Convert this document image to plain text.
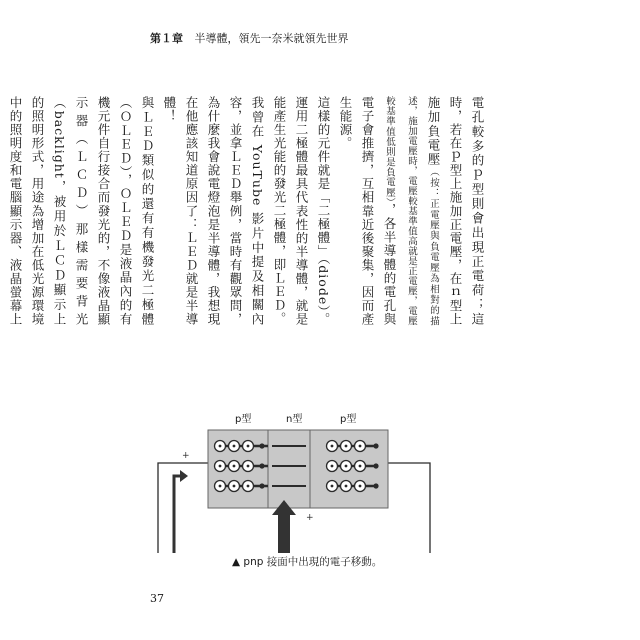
第１章 半導體，領先一奈米就領先世界

電孔較多的ｐ型則會出現正電荷；這時，若在ｐ型上施加正電壓，在ｎ型上施加負電壓（按：正電壓與負電壓為相對的描述，施加電壓時，電壓較基準值高就是正電壓，電壓較基準值低則是負電壓），各半導體的電孔與電子會推擠，互相靠近後聚集，因而產生能源。

這樣的元件就是「二極體」（diode）。運用二極體最具代表性的半導體，就是能產生光能的發光二極體，即ＬＥＤ。

我曾在 YouTube 影片中提及相關內容，並拿ＬＥＤ舉例，當時有觀眾問，為什麼我會說電燈泡是半導體，我想現在他應該知道原因了：ＬＥＤ就是半導體！

與ＬＥＤ類似的還有有機發光二極體（ＯＬＥＤ），ＯＬＥＤ是液晶內的有機元件自行接合而發光的，不像液晶顯示器（ＬＣＤ）那樣需要背光（backlight，被用於ＬＣＤ顯示上的照明形式，用途為增加在低光源環境中的照明度和電腦顯示器、液晶螢幕上

+
+
p型	n型	p型
▲ pnp 接面中出現的電子移動。
37
